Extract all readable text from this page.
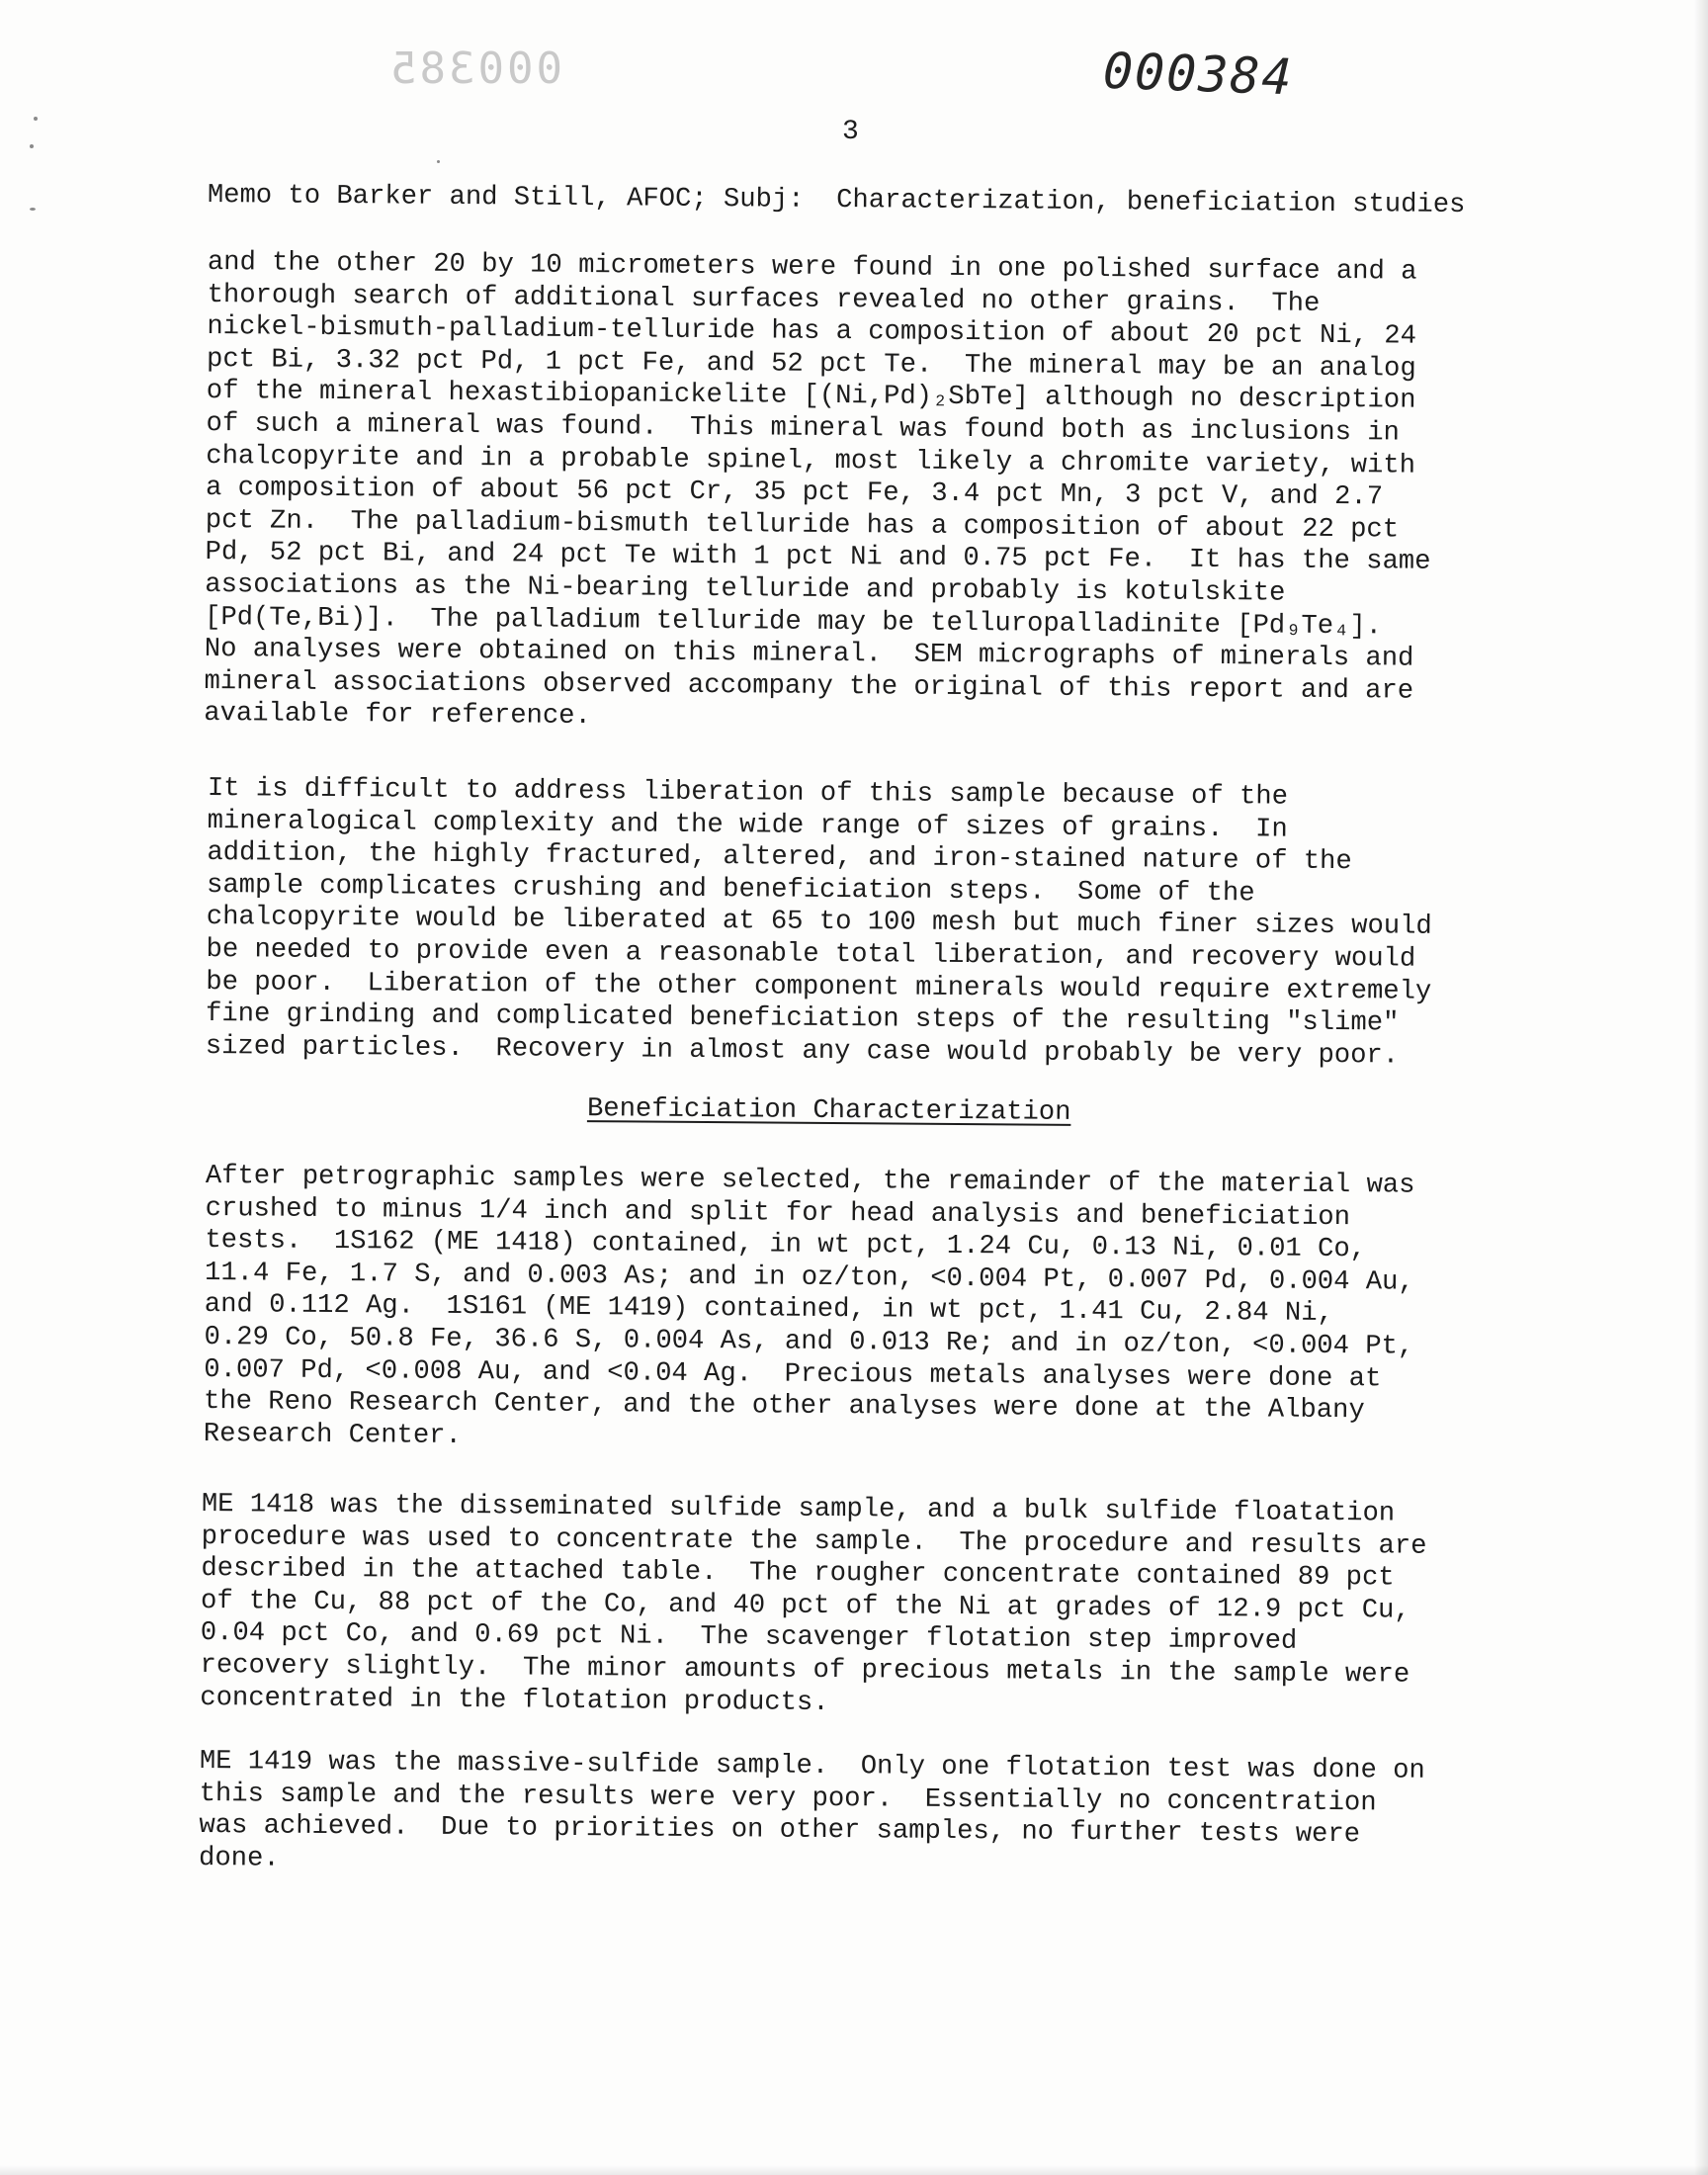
000385	000384
3
Memo to Barker and Still, AFOC; Subj:  Characterization, beneficiation studies
and the other 20 by 10 micrometers were found in one polished surface and a
thorough search of additional surfaces revealed no other grains.  The
nickel-bismuth-palladium-telluride has a composition of about 20 pct Ni, 24
pct Bi, 3.32 pct Pd, 1 pct Fe, and 52 pct Te.  The mineral may be an analog
of the mineral hexastibiopanickelite [(Ni,Pd)₂SbTe] although no description
of such a mineral was found.  This mineral was found both as inclusions in
chalcopyrite and in a probable spinel, most likely a chromite variety, with
a composition of about 56 pct Cr, 35 pct Fe, 3.4 pct Mn, 3 pct V, and 2.7
pct Zn.  The palladium-bismuth telluride has a composition of about 22 pct
Pd, 52 pct Bi, and 24 pct Te with 1 pct Ni and 0.75 pct Fe.  It has the same
associations as the Ni-bearing telluride and probably is kotulskite
[Pd(Te,Bi)].  The palladium telluride may be telluropalladinite [Pd₉Te₄].
No analyses were obtained on this mineral.  SEM micrographs of minerals and
mineral associations observed accompany the original of this report and are
available for reference.
It is difficult to address liberation of this sample because of the
mineralogical complexity and the wide range of sizes of grains.  In
addition, the highly fractured, altered, and iron-stained nature of the
sample complicates crushing and beneficiation steps.  Some of the
chalcopyrite would be liberated at 65 to 100 mesh but much finer sizes would
be needed to provide even a reasonable total liberation, and recovery would
be poor.  Liberation of the other component minerals would require extremely
fine grinding and complicated beneficiation steps of the resulting "slime"
sized particles.  Recovery in almost any case would probably be very poor.
Beneficiation Characterization
After petrographic samples were selected, the remainder of the material was
crushed to minus 1/4 inch and split for head analysis and beneficiation
tests.  1S162 (ME 1418) contained, in wt pct, 1.24 Cu, 0.13 Ni, 0.01 Co,
11.4 Fe, 1.7 S, and 0.003 As; and in oz/ton, <0.004 Pt, 0.007 Pd, 0.004 Au,
and 0.112 Ag.  1S161 (ME 1419) contained, in wt pct, 1.41 Cu, 2.84 Ni,
0.29 Co, 50.8 Fe, 36.6 S, 0.004 As, and 0.013 Re; and in oz/ton, <0.004 Pt,
0.007 Pd, <0.008 Au, and <0.04 Ag.  Precious metals analyses were done at
the Reno Research Center, and the other analyses were done at the Albany
Research Center.
ME 1418 was the disseminated sulfide sample, and a bulk sulfide floatation
procedure was used to concentrate the sample.  The procedure and results are
described in the attached table.  The rougher concentrate contained 89 pct
of the Cu, 88 pct of the Co, and 40 pct of the Ni at grades of 12.9 pct Cu,
0.04 pct Co, and 0.69 pct Ni.  The scavenger flotation step improved
recovery slightly.  The minor amounts of precious metals in the sample were
concentrated in the flotation products.
ME 1419 was the massive-sulfide sample.  Only one flotation test was done on
this sample and the results were very poor.  Essentially no concentration
was achieved.  Due to priorities on other samples, no further tests were
done.
